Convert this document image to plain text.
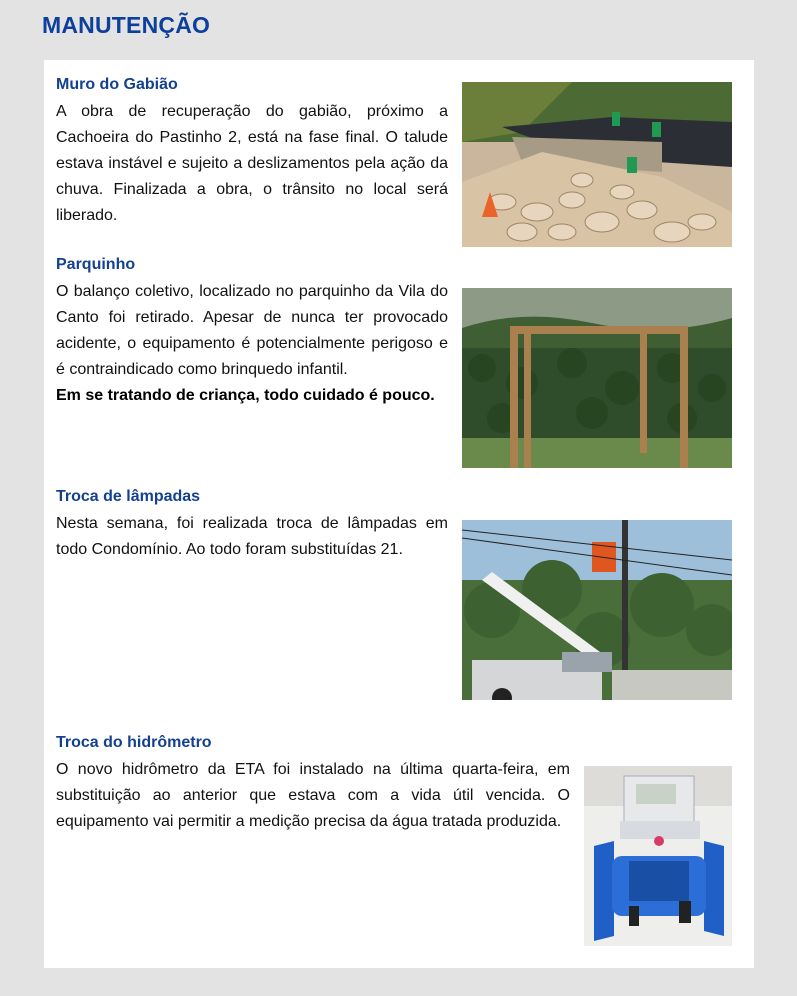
MANUTENÇÃO
Muro do Gabião

A obra de recuperação do gabião, próximo a Cachoeira do Pastinho 2, está na fase final. O talude estava instável e sujeito a deslizamentos pela ação da chuva. Finalizada a obra, o trânsito no local será liberado.

Parquinho

O balanço coletivo, localizado no parquinho da Vila do Canto foi retirado. Apesar de nunca ter provocado acidente, o equipamento é potencialmente perigoso e é contraindicado como brinquedo infantil.

Em se tratando de criança, todo cuidado é pouco.

Troca de lâmpadas

Nesta semana, foi realizada troca de lâmpadas em todo Condomínio. Ao todo foram substituídas 21.

Troca do hidrômetro

O novo hidrômetro da ETA foi instalado na última quarta-feira, em substituição ao anterior que estava com a vida útil vencida. O equipamento vai permitir a medição precisa da água tratada produzida.
